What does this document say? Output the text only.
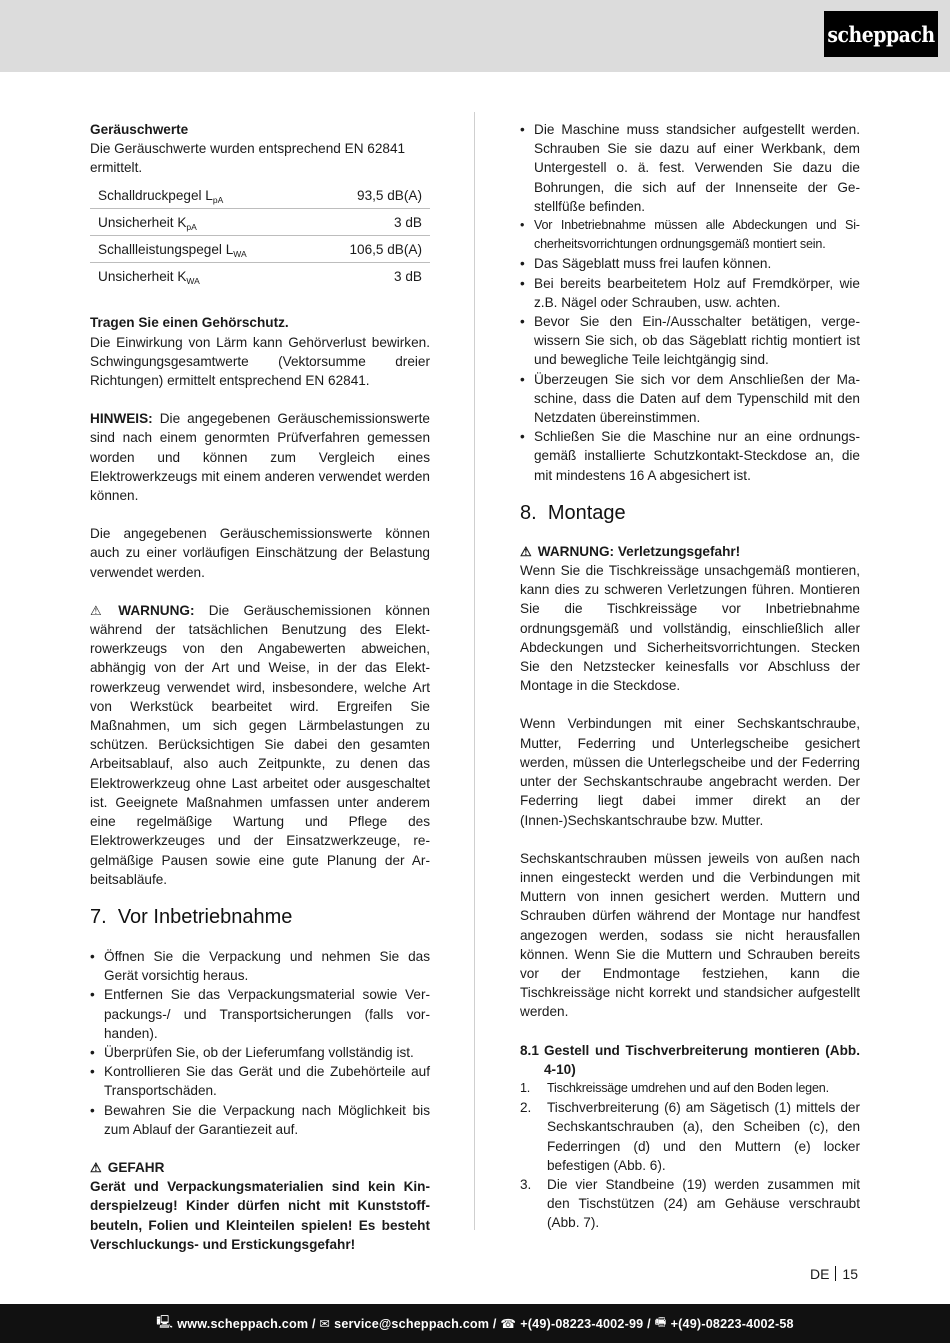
scheppach

Geräuschwerte

Die Geräuschwerte wurden entsprechend EN 62841 ermittelt.

Schalldruckpegel $L_{pA}$	93,5 dB(A)
Unsicherheit $K_{pA}$	3 dB
Schallleistungspegel $L_{WA}$	106,5 dB(A)
Unsicherheit $K_{WA}$	3 dB

Tragen Sie einen Gehörschutz.

Die Einwirkung von Lärm kann Gehörverlust bewirken. Schwingungsgesamtwerte (Vektorsumme dreier Richtungen) ermittelt entsprechend EN 62841.

HINWEIS: Die angegebenen Geräuschemissionswerte sind nach einem genormten Prüfverfahren gemessen worden und können zum Vergleich eines Elektrowerkzeugs mit einem anderen verwendet werden können.

Die angegebenen Geräuschemissionswerte können auch zu einer vorläufigen Einschätzung der Belastung verwendet werden.

⚠ WARNUNG: Die Geräuschemissionen können während der tatsächlichen Benutzung des Elektrowerkzeugs von den Angabewerten abweichen, abhängig von der Art und Weise, in der das Elektrowerkzeug verwendet wird, insbesondere, welche Art von Werkstück bearbeitet wird. Ergreifen Sie Maßnahmen, um sich gegen Lärmbelastungen zu schützen. Berücksichtigen Sie dabei den gesamten Arbeitsablauf, also auch Zeitpunkte, zu denen das Elektrowerkzeug ohne Last arbeitet oder ausgeschaltet ist. Geeignete Maßnahmen umfassen unter anderem eine regelmäßige Wartung und Pflege des Elektrowerkzeuges und der Einsatzwerkzeuge, regelmäßige Pausen sowie eine gute Planung der Arbeitsabläufe.

7. Vor Inbetriebnahme
• Öffnen Sie die Verpackung und nehmen Sie das Gerät vorsichtig heraus.
• Entfernen Sie das Verpackungsmaterial sowie Verpackungs-/ und Transportsicherungen (falls vorhanden).
• Überprüfen Sie, ob der Lieferumfang vollständig ist.
• Kontrollieren Sie das Gerät und die Zubehörteile auf Transportschäden.
• Bewahren Sie die Verpackung nach Möglichkeit bis zum Ablauf der Garantiezeit auf.

⚠ GEFAHR

Gerät und Verpackungsmaterialien sind kein Kinderspielzeug! Kinder dürfen nicht mit Kunststoffbeuteln, Folien und Kleinteilen spielen! Es besteht Verschluckungs- und Erstickungsgefahr!

• Die Maschine muss standsicher aufgestellt werden. Schrauben Sie sie dazu auf einer Werkbank, dem Untergestell o. ä. fest. Verwenden Sie dazu die Bohrungen, die sich auf der Innenseite der Gestellfüße befinden.
• Vor Inbetriebnahme müssen alle Abdeckungen und Sicherheitsvorrichtungen ordnungsgemäß montiert sein.
• Das Sägeblatt muss frei laufen können.
• Bei bereits bearbeitetem Holz auf Fremdkörper, wie z.B. Nägel oder Schrauben, usw. achten.
• Bevor Sie den Ein-/Ausschalter betätigen, vergewissern Sie sich, ob das Sägeblatt richtig montiert ist und bewegliche Teile leichtgängig sind.
• Überzeugen Sie sich vor dem Anschließen der Maschine, dass die Daten auf dem Typenschild mit den Netzdaten übereinstimmen.
• Schließen Sie die Maschine nur an eine ordnungsgemäß installierte Schutzkontakt-Steckdose an, die mit mindestens 16 A abgesichert ist.
8. Montage

⚠ WARNUNG: Verletzungsgefahr!

Wenn Sie die Tischkreissäge unsachgemäß montieren, kann dies zu schweren Verletzungen führen. Montieren Sie die Tischkreissäge vor Inbetriebnahme ordnungsgemäß und vollständig, einschließlich aller Abdeckungen und Sicherheitsvorrichtungen. Stecken Sie den Netzstecker keinesfalls vor Abschluss der Montage in die Steckdose.

Wenn Verbindungen mit einer Sechskantschraube, Mutter, Federring und Unterlegscheibe gesichert werden, müssen die Unterlegscheibe und der Federring unter der Sechskantschraube angebracht werden. Der Federring liegt dabei immer direkt an der (Innen-)Sechskantschraube bzw. Mutter.

Sechskantschrauben müssen jeweils von außen nach innen eingesteckt werden und die Verbindungen mit Muttern von innen gesichert werden. Muttern und Schrauben dürfen während der Montage nur handfest angezogen werden, sodass sie nicht herausfallen können. Wenn Sie die Muttern und Schrauben bereits vor der Endmontage festziehen, kann die Tischkreissäge nicht korrekt und standsicher aufgestellt werden.

8.1 Gestell und Tischverbreiterung montieren (Abb. 4-10)
1. Tischkreissäge umdrehen und auf den Boden legen.
2. Tischverbreiterung (6) am Sägetisch (1) mittels der Sechskantschrauben (a), den Scheiben (c), den Federringen (d) und den Muttern (e) locker befestigen (Abb. 6).
3. Die vier Standbeine (19) werden zusammen mit den Tischstützen (24) am Gehäuse verschraubt (Abb. 7).
DE 15
🖳︎ www.scheppach.com /
✉︎ service@scheppach.com /
☎︎ +(49)-08223-4002-99 /
🖷︎ +(49)-08223-4002-58
